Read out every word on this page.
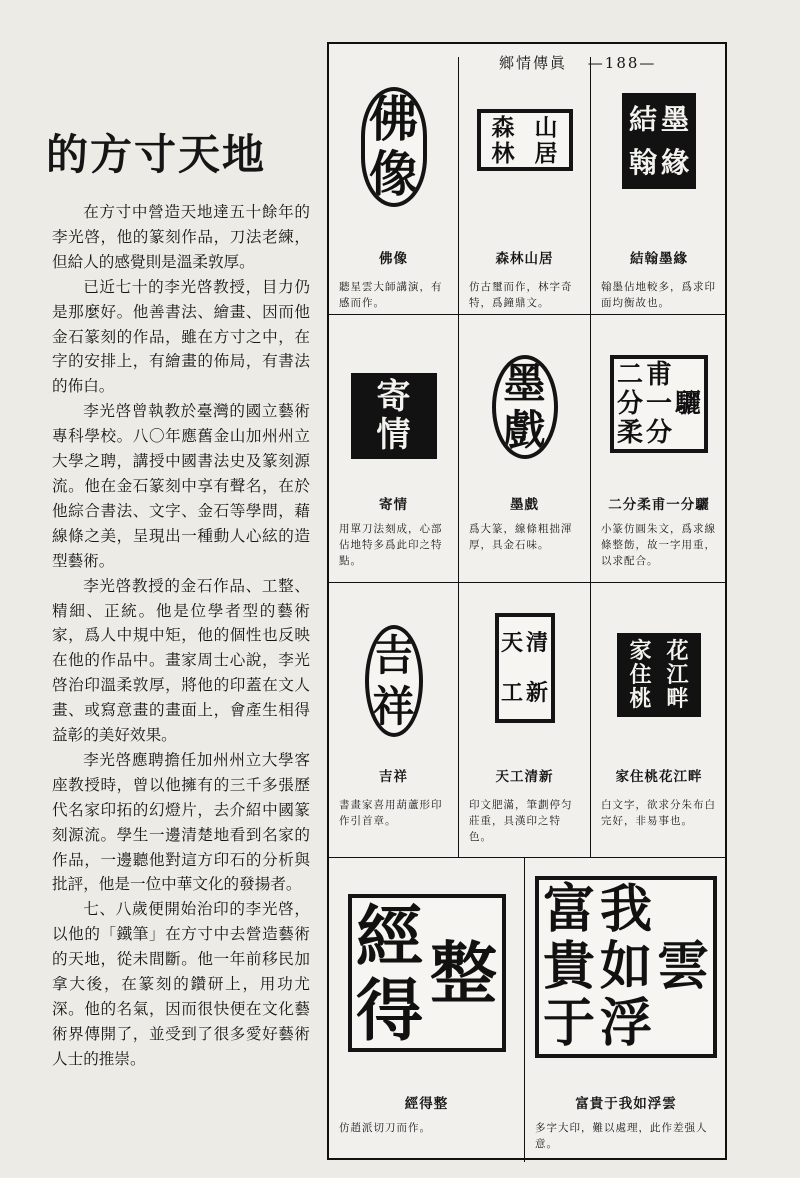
的方寸天地

在方寸中營造天地達五十餘年的李光啓，他的篆刻作品，刀法老練，但給人的感覺則是溫柔敦厚。

已近七十的李光啓教授，目力仍是那麼好。他善書法、繪畫、因而他金石篆刻的作品，雖在方寸之中，在字的安排上，有繪畫的佈局，有書法的佈白。

李光啓曾執教於臺灣的國立藝術專科學校。八〇年應舊金山加州州立大學之聘，講授中國書法史及篆刻源流。他在金石篆刻中享有聲名，在於他綜合書法、文字、金石等學問，藉線條之美，呈現出一種動人心絃的造型藝術。

李光啓教授的金石作品、工整、精細、正統。他是位學者型的藝術家，爲人中規中矩，他的個性也反映在他的作品中。畫家周士心說，李光啓治印溫柔敦厚，將他的印蓋在文人畫、或寫意畫的畫面上，會產生相得益彰的美好效果。

李光啓應聘擔任加州州立大學客座教授時，曾以他擁有的三千多張歷代名家印拓的幻燈片，去介紹中國篆刻源流。學生一邊清楚地看到名家的作品，一邊聽他對這方印石的分析與批評，他是一位中華文化的發揚者。

七、八歲便開始治印的李光啓，以他的「鐵筆」在方寸中去營造藝術的天地，從未間斷。他一年前移民加拿大後，在篆刻的鑽研上，用功尤深。他的名氣，因而很快便在文化藝術界傳開了，並受到了很多愛好藝術人士的推崇。

鄉情傳眞 —188—
佛
像
佛像
聽星雲大師講演，有感而作。
森
林
山
居
森林山居
仿古璽而作，林字奇特，爲鐘鼎文。
結
翰
墨
緣
結翰墨緣
翰墨佔地較多，爲求印面均衡故也。
寄
情
寄情
用單刀法刻成，心部佔地特多爲此印之特點。
墨
戲
墨戲
爲大篆，線條粗拙渾厚，具金石味。
二
分
柔
甫
一
分
驪
二分柔甫一分驪
小篆仿圓朱文，爲求線條整飭，故一字用重，以求配合。
吉
祥
吉祥
書畫家喜用葫蘆形印作引首章。
天
工
清
新
天工清新
印文肥滿，筆劃停匀莊重，具漢印之特色。
家
住
桃
花
江
畔
家住桃花江畔
白文字，欲求分朱布白完好，非易事也。
經
得 整
經得整
仿趙派切刀而作。
富
貴
于
我
如
浮
雲
富貴于我如浮雲
多字大印，難以處理，此作差强人意。
